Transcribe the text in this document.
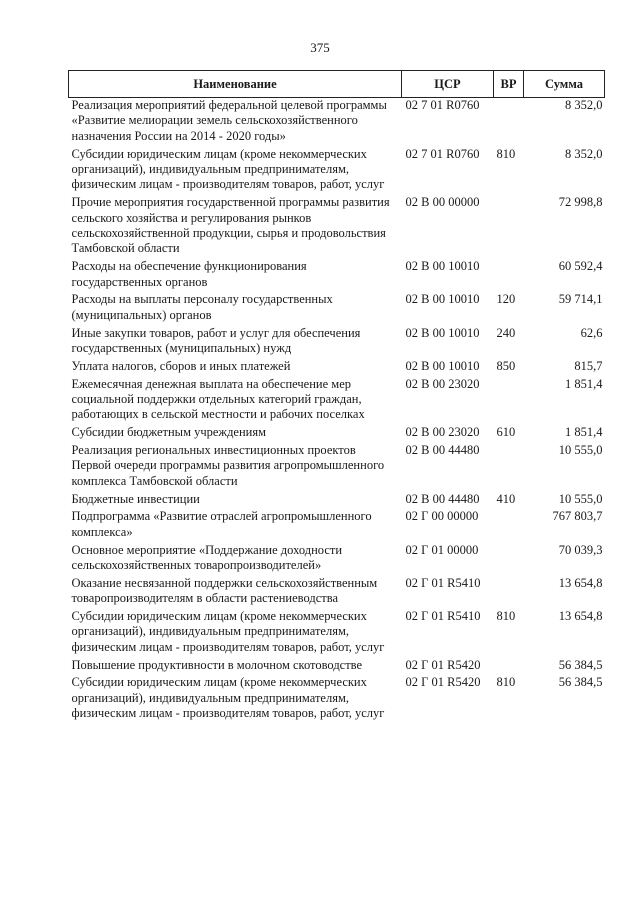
375
Наименование	ЦСР	ВР	Сумма
Реализация мероприятий федеральной целевой программы «Развитие мелиорации земель сельскохозяйственного назначения России на 2014 - 2020 годы»	02 7 01 R0760		8 352,0
Субсидии юридическим лицам (кроме некоммерческих организаций), индивидуальным предпринимателям, физическим лицам - производителям товаров, работ, услуг	02 7 01 R0760	810	8 352,0
Прочие мероприятия государственной программы развития сельского хозяйства и регулирования рынков сельскохозяйственной продукции, сырья и продовольствия Тамбовской области	02 В 00 00000		72 998,8
Расходы на обеспечение функционирования государственных органов	02 В 00 10010		60 592,4
Расходы на выплаты персоналу государственных (муниципальных) органов	02 В 00 10010	120	59 714,1
Иные закупки товаров, работ и услуг для обеспечения государственных (муниципальных) нужд	02 В 00 10010	240	62,6
Уплата налогов, сборов и иных платежей	02 В 00 10010	850	815,7
Ежемесячная денежная выплата на обеспечение мер социальной поддержки отдельных категорий граждан, работающих в сельской местности и рабочих поселках	02 В 00 23020		1 851,4
Субсидии бюджетным учреждениям	02 В 00 23020	610	1 851,4
Реализация региональных инвестиционных проектов Первой очереди программы развития агропромышленного комплекса Тамбовской области	02 В 00 44480		10 555,0
Бюджетные инвестиции	02 В 00 44480	410	10 555,0
Подпрограмма «Развитие отраслей агропромышленного комплекса»	02 Г 00 00000		767 803,7
Основное мероприятие «Поддержание доходности сельскохозяйственных товаропроизводителей»	02 Г 01 00000		70 039,3
Оказание несвязанной поддержки сельскохозяйственным товаропроизводителям в области растениеводства	02 Г 01 R5410		13 654,8
Субсидии юридическим лицам (кроме некоммерческих организаций), индивидуальным предпринимателям, физическим лицам - производителям товаров, работ, услуг	02 Г 01 R5410	810	13 654,8
Повышение продуктивности в молочном скотоводстве	02 Г 01 R5420		56 384,5
Субсидии юридическим лицам (кроме некоммерческих организаций), индивидуальным предпринимателям, физическим лицам - производителям товаров, работ, услуг	02 Г 01 R5420	810	56 384,5
